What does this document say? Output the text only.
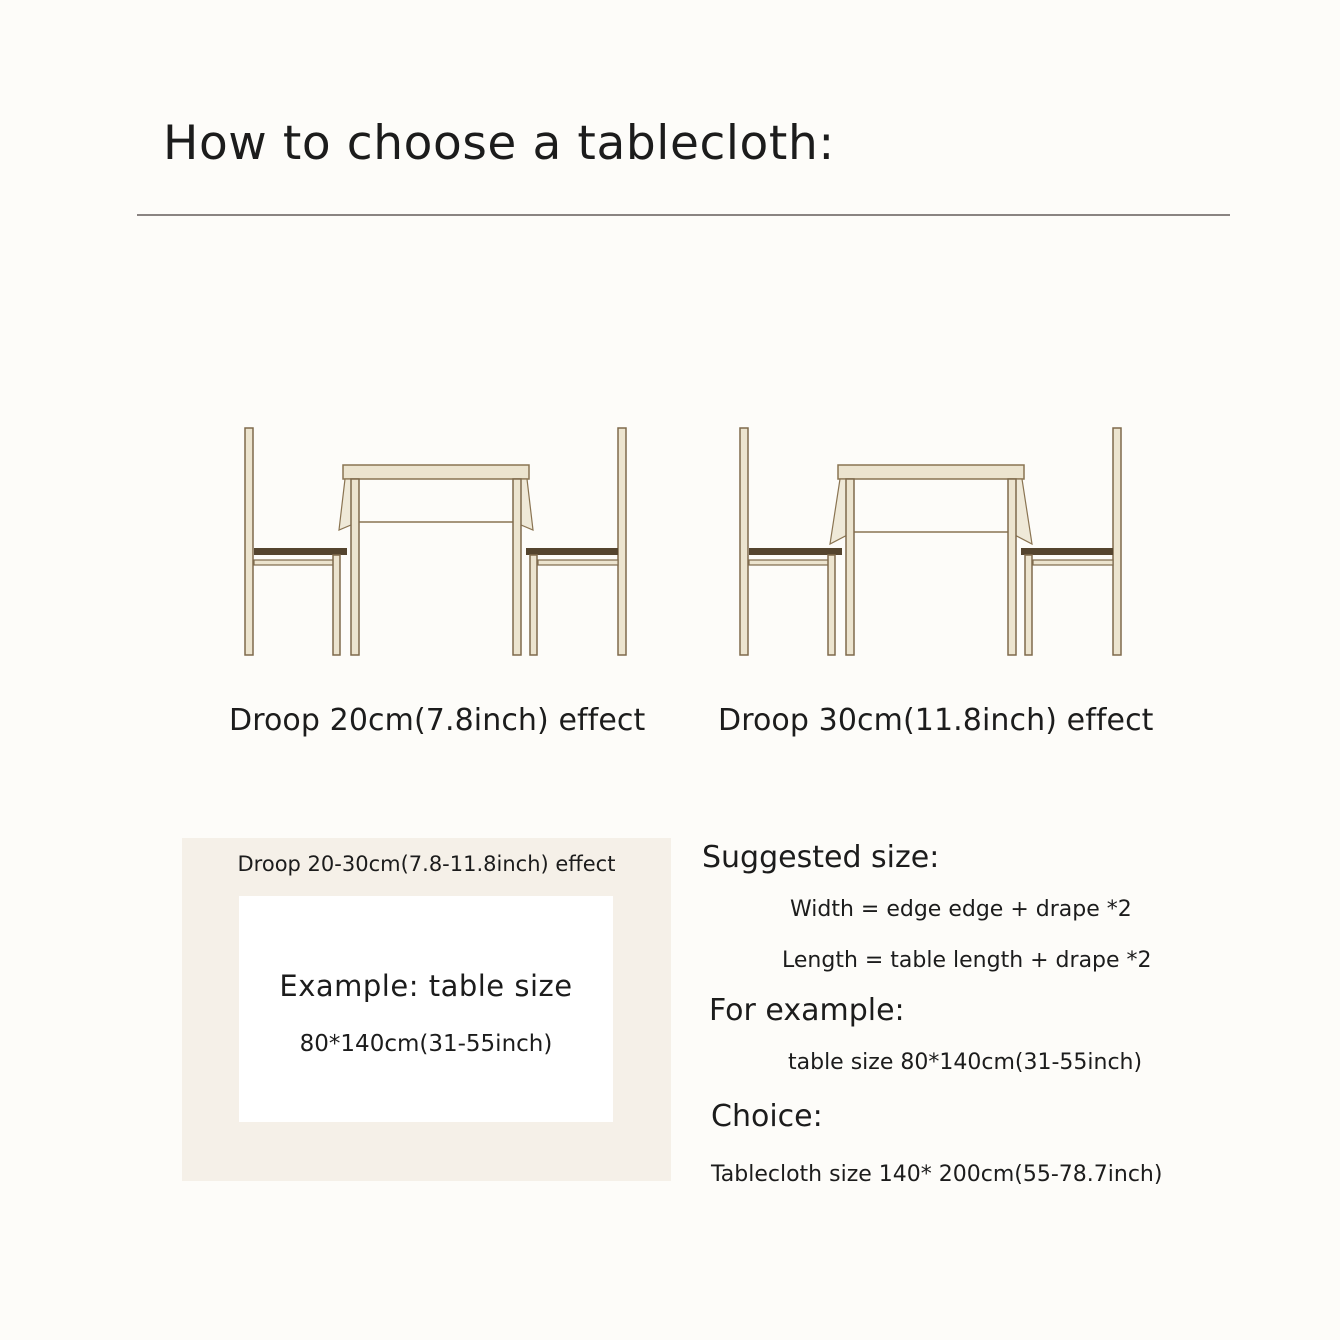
How to choose a tablecloth:
Droop 20cm(7.8inch) effect Droop 30cm(11.8inch) effect
Droop 20-30cm(7.8-11.8inch) effect
Example: table size
80*140cm(31-55inch)
Suggested size:
Width = edge edge + drape *2
Length = table length + drape *2
For example:
table size 80*140cm(31-55inch)
Choice:
Tablecloth size 140* 200cm(55-78.7inch)
